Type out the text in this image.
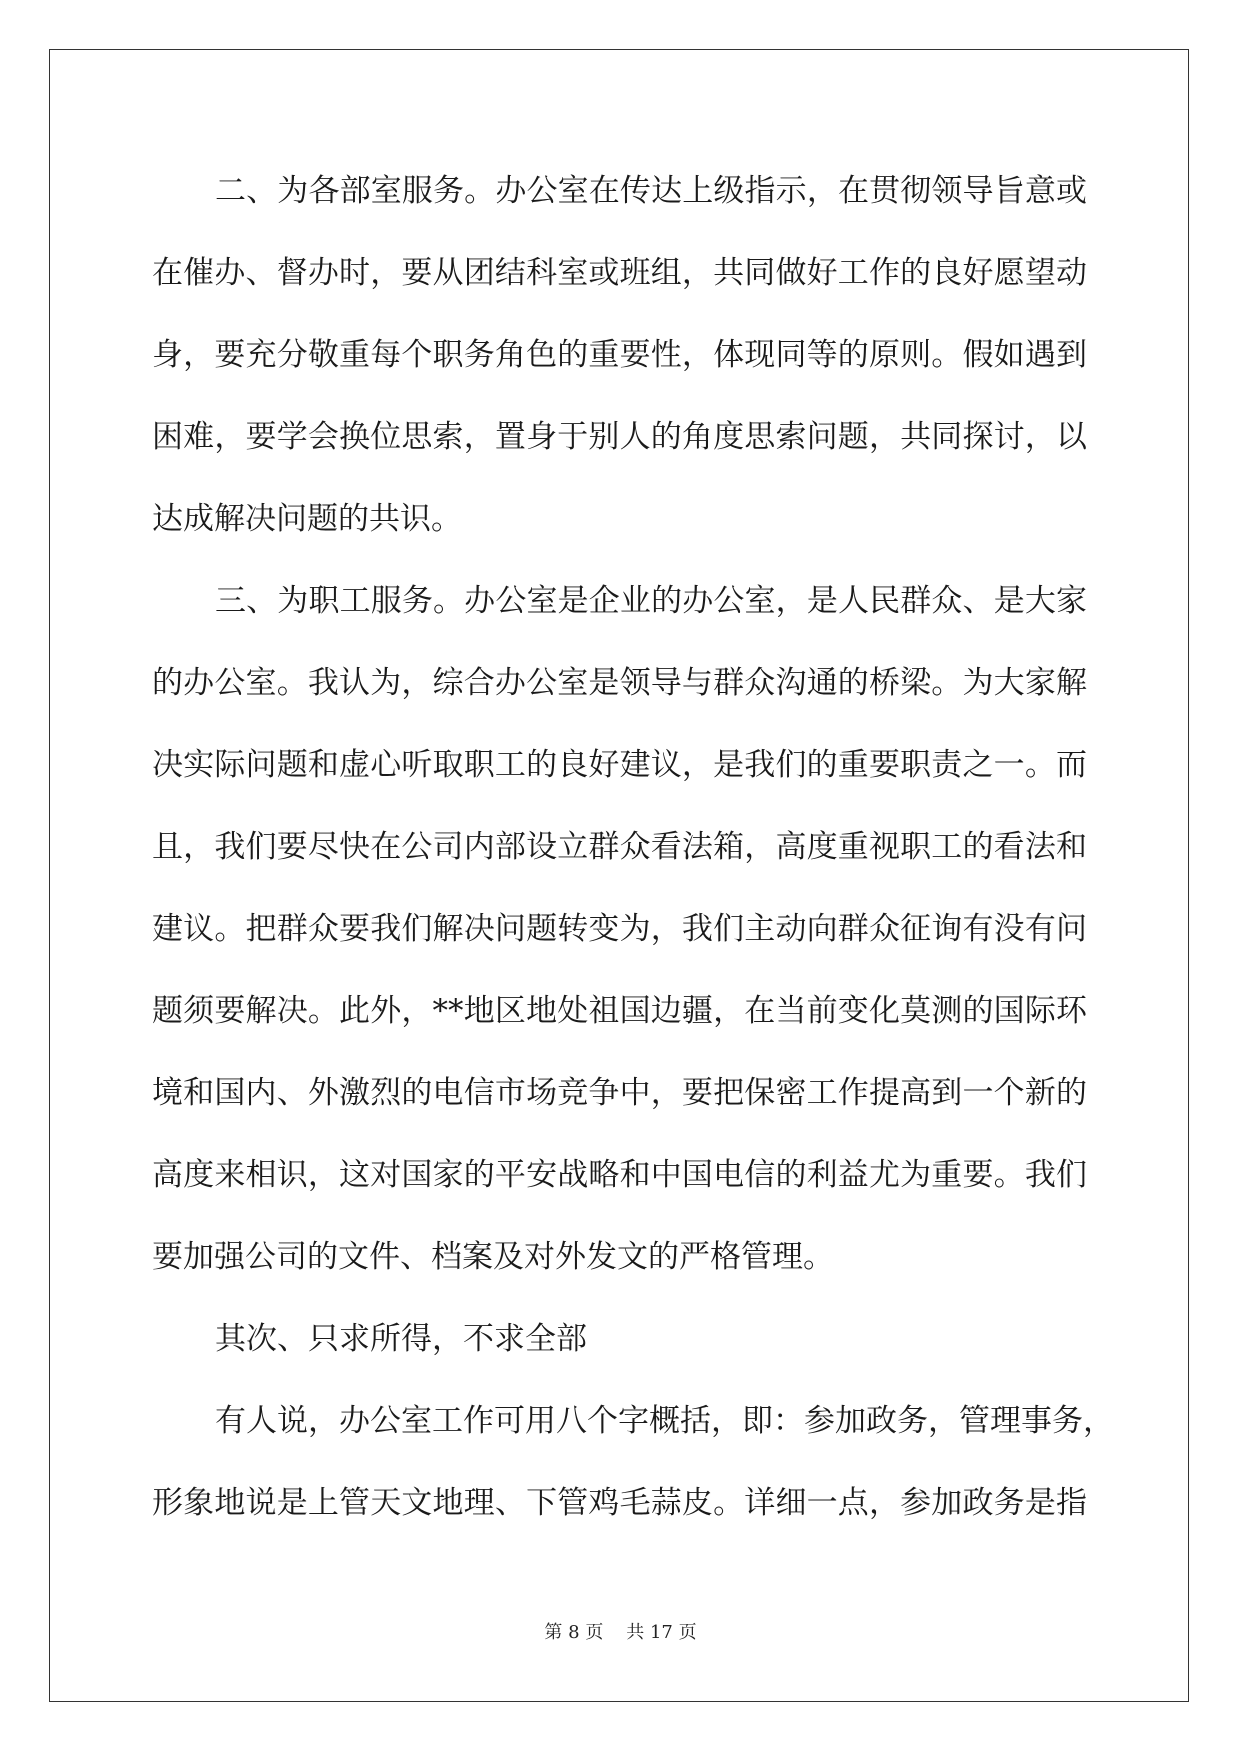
二、为各部室服务。办公室在传达上级指示，在贯彻领导旨意或
在催办、督办时，要从团结科室或班组，共同做好工作的良好愿望动
身，要充分敬重每个职务角色的重要性，体现同等的原则。假如遇到
困难，要学会换位思索，置身于别人的角度思索问题，共同探讨，以
达成解决问题的共识。
三、为职工服务。办公室是企业的办公室，是人民群众、是大家
的办公室。我认为，综合办公室是领导与群众沟通的桥梁。为大家解
决实际问题和虚心听取职工的良好建议，是我们的重要职责之一。而
且，我们要尽快在公司内部设立群众看法箱，高度重视职工的看法和
建议。把群众要我们解决问题转变为，我们主动向群众征询有没有问
题须要解决。此外，**地区地处祖国边疆，在当前变化莫测的国际环
境和国内、外激烈的电信市场竞争中，要把保密工作提高到一个新的
高度来相识，这对国家的平安战略和中国电信的利益尤为重要。我们
要加强公司的文件、档案及对外发文的严格管理。
其次、只求所得，不求全部
有人说，办公室工作可用八个字概括，即：参加政务，管理事务，
形象地说是上管天文地理、下管鸡毛蒜皮。详细一点，参加政务是指
第 8 页 共 17 页
